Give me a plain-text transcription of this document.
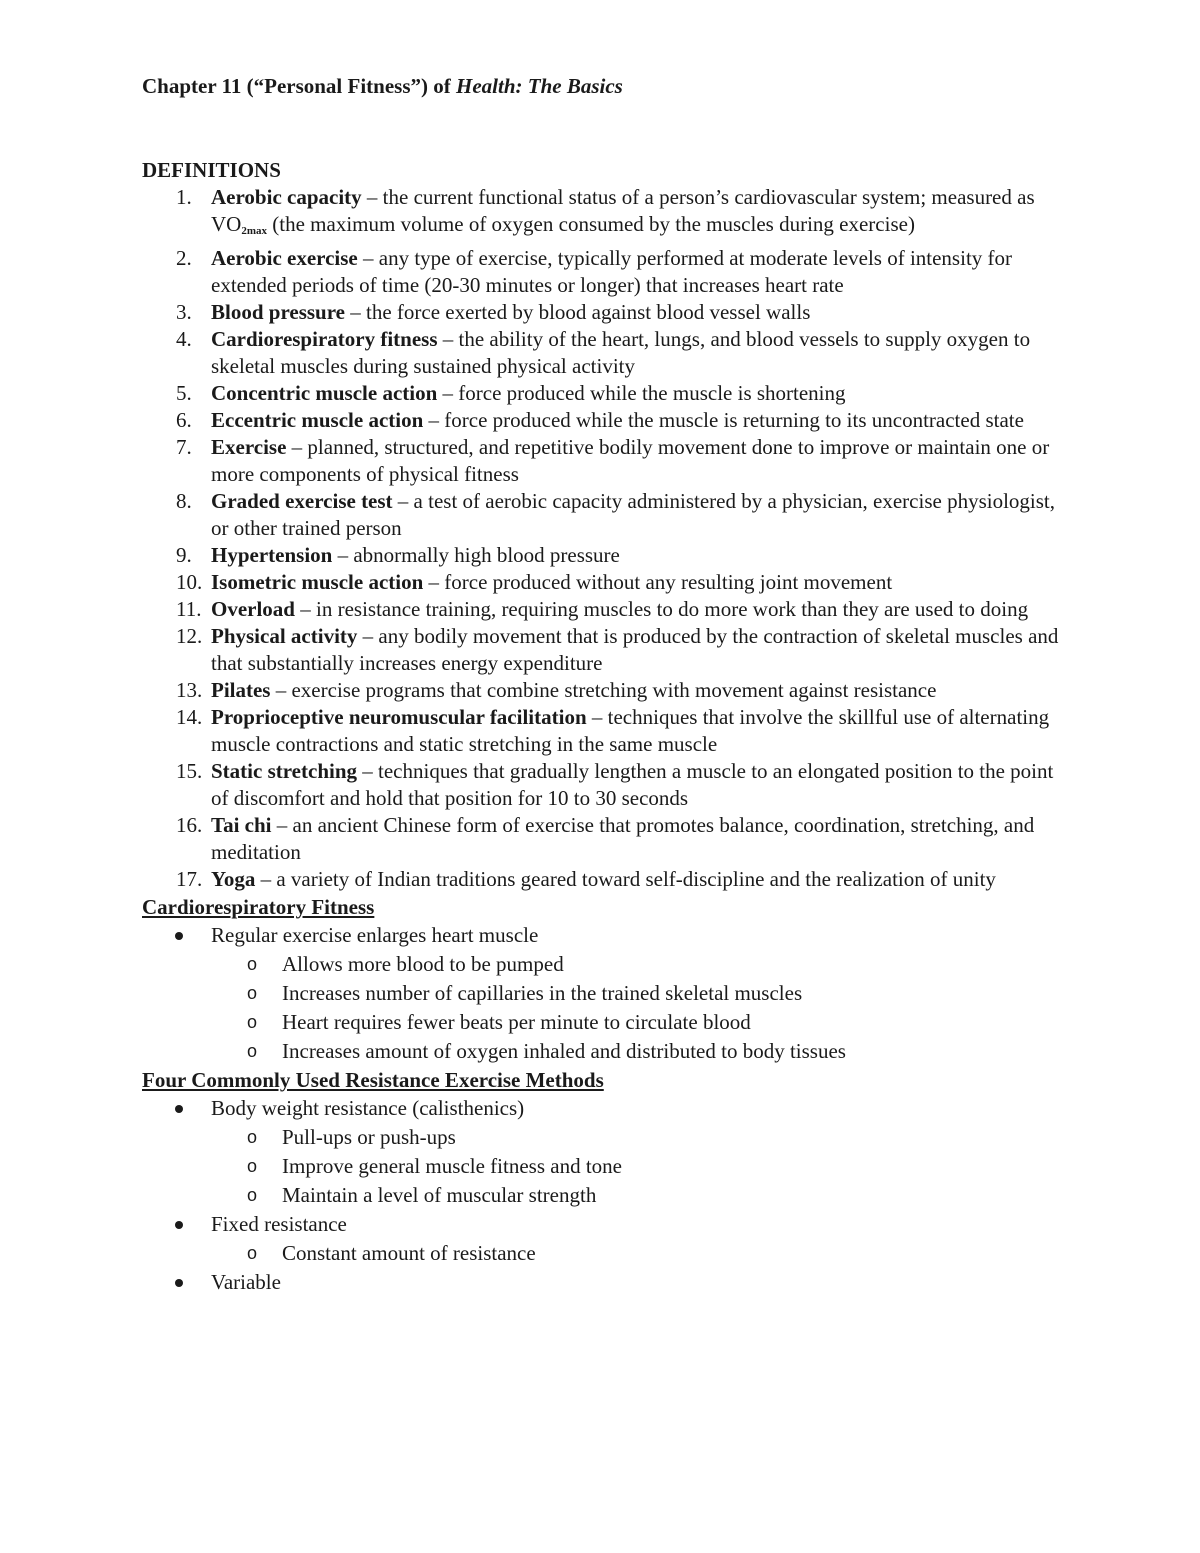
Chapter 11 (“Personal Fitness”) of Health: The Basics

DEFINITIONS
1. Aerobic capacity – the current functional status of a person’s cardiovascular system; measured as $VO_{2max}$ (the maximum volume of oxygen consumed by the muscles during exercise)
2. Aerobic exercise – any type of exercise, typically performed at moderate levels of intensity for extended periods of time (20-30 minutes or longer) that increases heart rate
3. Blood pressure – the force exerted by blood against blood vessel walls
4. Cardiorespiratory fitness – the ability of the heart, lungs, and blood vessels to supply oxygen to skeletal muscles during sustained physical activity
5. Concentric muscle action – force produced while the muscle is shortening
6. Eccentric muscle action – force produced while the muscle is returning to its uncontracted state
7. Exercise – planned, structured, and repetitive bodily movement done to improve or maintain one or more components of physical fitness
8. Graded exercise test – a test of aerobic capacity administered by a physician, exercise physiologist, or other trained person
9. Hypertension – abnormally high blood pressure
10. Isometric muscle action – force produced without any resulting joint movement
11. Overload – in resistance training, requiring muscles to do more work than they are used to doing
12. Physical activity – any bodily movement that is produced by the contraction of skeletal muscles and that substantially increases energy expenditure
13. Pilates – exercise programs that combine stretching with movement against resistance
14. Proprioceptive neuromuscular facilitation – techniques that involve the skillful use of alternating muscle contractions and static stretching in the same muscle
15. Static stretching – techniques that gradually lengthen a muscle to an elongated position to the point of discomfort and hold that position for 10 to 30 seconds
16. Tai chi – an ancient Chinese form of exercise that promotes balance, coordination, stretching, and meditation
17. Yoga – a variety of Indian traditions geared toward self-discipline and the realization of unity
Cardiorespiratory Fitness
Regular exercise enlarges heart muscle
o Allows more blood to be pumped
o Increases number of capillaries in the trained skeletal muscles
o Heart requires fewer beats per minute to circulate blood
o Increases amount of oxygen inhaled and distributed to body tissues
Four Commonly Used Resistance Exercise Methods
Body weight resistance (calisthenics)
o Pull-ups or push-ups
o Improve general muscle fitness and tone
o Maintain a level of muscular strength
Fixed resistance
o Constant amount of resistance
Variable
